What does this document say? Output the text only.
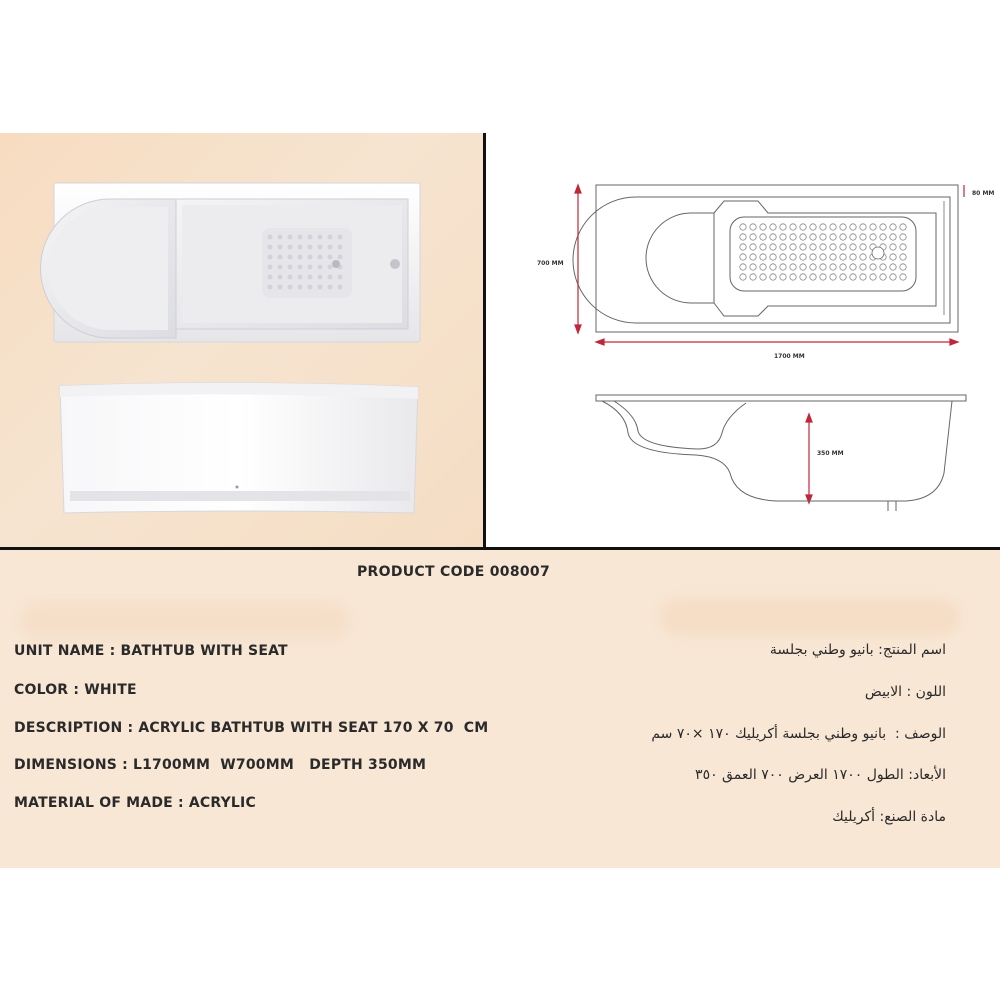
700 MM
1700 MM
80 MM
350 MM
PRODUCT CODE 008007
UNIT NAME : BATHTUB WITH SEAT
COLOR : WHITE
DESCRIPTION : ACRYLIC BATHTUB WITH SEAT 170 X 70  CM
DIMENSIONS : L1700MM  W700MM   DEPTH 350MM
MATERIAL OF MADE : ACRYLIC
اسم المنتج: بانيو وطني بجلسة
اللون : الابيض
الوصف :  بانيو وطني بجلسة أكريليك ١٧٠ ×٧٠ سم
الأبعاد: الطول ١٧٠٠ العرض ٧٠٠ العمق ٣٥٠
مادة الصنع: أكريليك
